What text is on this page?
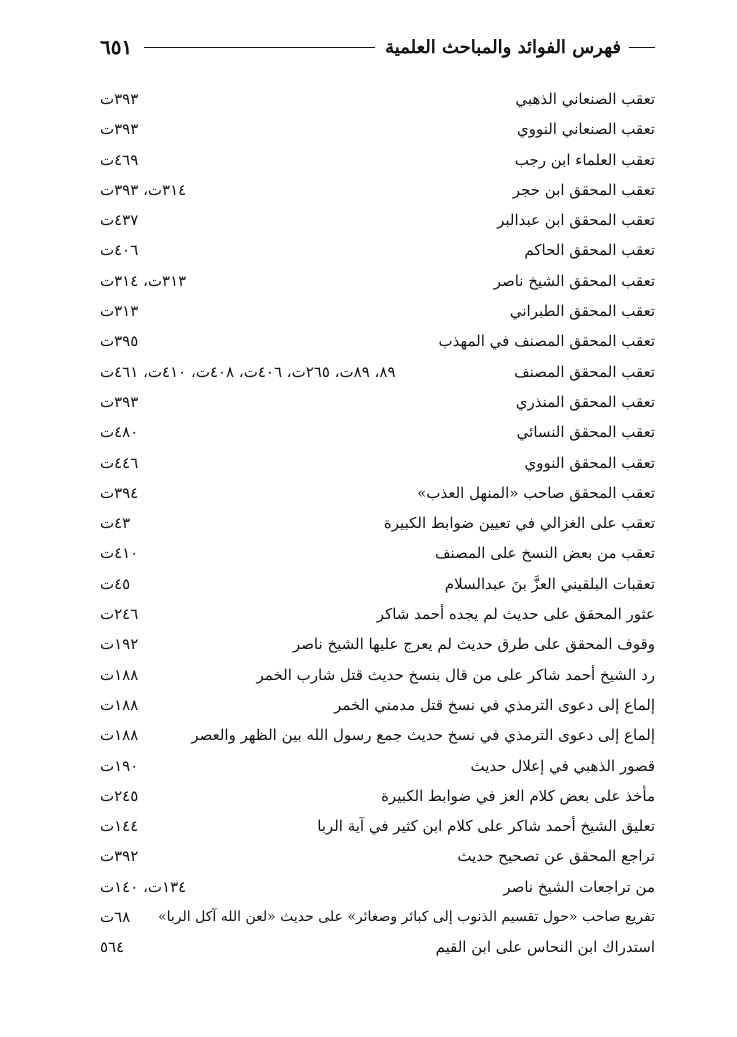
فهرس الفوائد والمباحث العلمية
٦٥١
تعقب الصنعاني الذهبي
٣٩٣ت
تعقب الصنعاني النووي
٣٩٣ت
تعقب العلماء ابن رجب
٤٦٩ت
تعقب المحقق ابن حجر
٣١٤ت، ٣٩٣ت
تعقب المحقق ابن عبدالبر
٤٣٧ت
تعقب المحقق الحاكم
٤٠٦ت
تعقب المحقق الشيخ ناصر
٣١٣ت، ٣١٤ت
تعقب المحقق الطبراني
٣١٣ت
تعقب المحقق المصنف في المهذب
٣٩٥ت
تعقب المحقق المصنف
٨٩، ٨٩ت، ٢٦٥ت، ٤٠٦ت، ٤٠٨ت، ٤١٠ت، ٤٦١ت
تعقب المحقق المنذري
٣٩٣ت
تعقب المحقق النسائي
٤٨٠ت
تعقب المحقق النووي
٤٤٦ت
تعقب المحقق صاحب «المنهل العذب»
٣٩٤ت
تعقب على الغزالي في تعيين ضوابط الكبيرة
٤٣ت
تعقب من بعض النسخ على المصنف
٤١٠ت
تعقبات البلقيني العزَّ بنَ عبدالسلام
٤٥ت
عثور المحقق على حديث لم يجده أحمد شاكر
٢٤٦ت
وقوف المحقق على طرق حديث لم يعرج عليها الشيخ ناصر
١٩٢ت
رد الشيخ أحمد شاكر على من قال بنسخ حديث قتل شارب الخمر
١٨٨ت
إلماع إلى دعوى الترمذي في نسخ قتل مدمني الخمر
١٨٨ت
إلماع إلى دعوى الترمذي في نسخ حديث جمع رسول الله بين الظهر والعصر
١٨٨ت
قصور الذهبي في إعلال حديث
١٩٠ت
مأخذ على بعض كلام العز في ضوابط الكبيرة
٢٤٥ت
تعليق الشيخ أحمد شاكر على كلام ابن كثير في آية الربا
١٤٤ت
تراجع المحقق عن تصحيح حديث
٣٩٢ت
من تراجعات الشيخ ناصر
١٣٤ت، ١٤٠ت
تفريع صاحب «حول تقسيم الذنوب إلى كبائر وصغائر» على حديث «لعن الله آكل الربا»
٦٨ت
استدراك ابن النحاس على ابن القيم
٥٦٤
